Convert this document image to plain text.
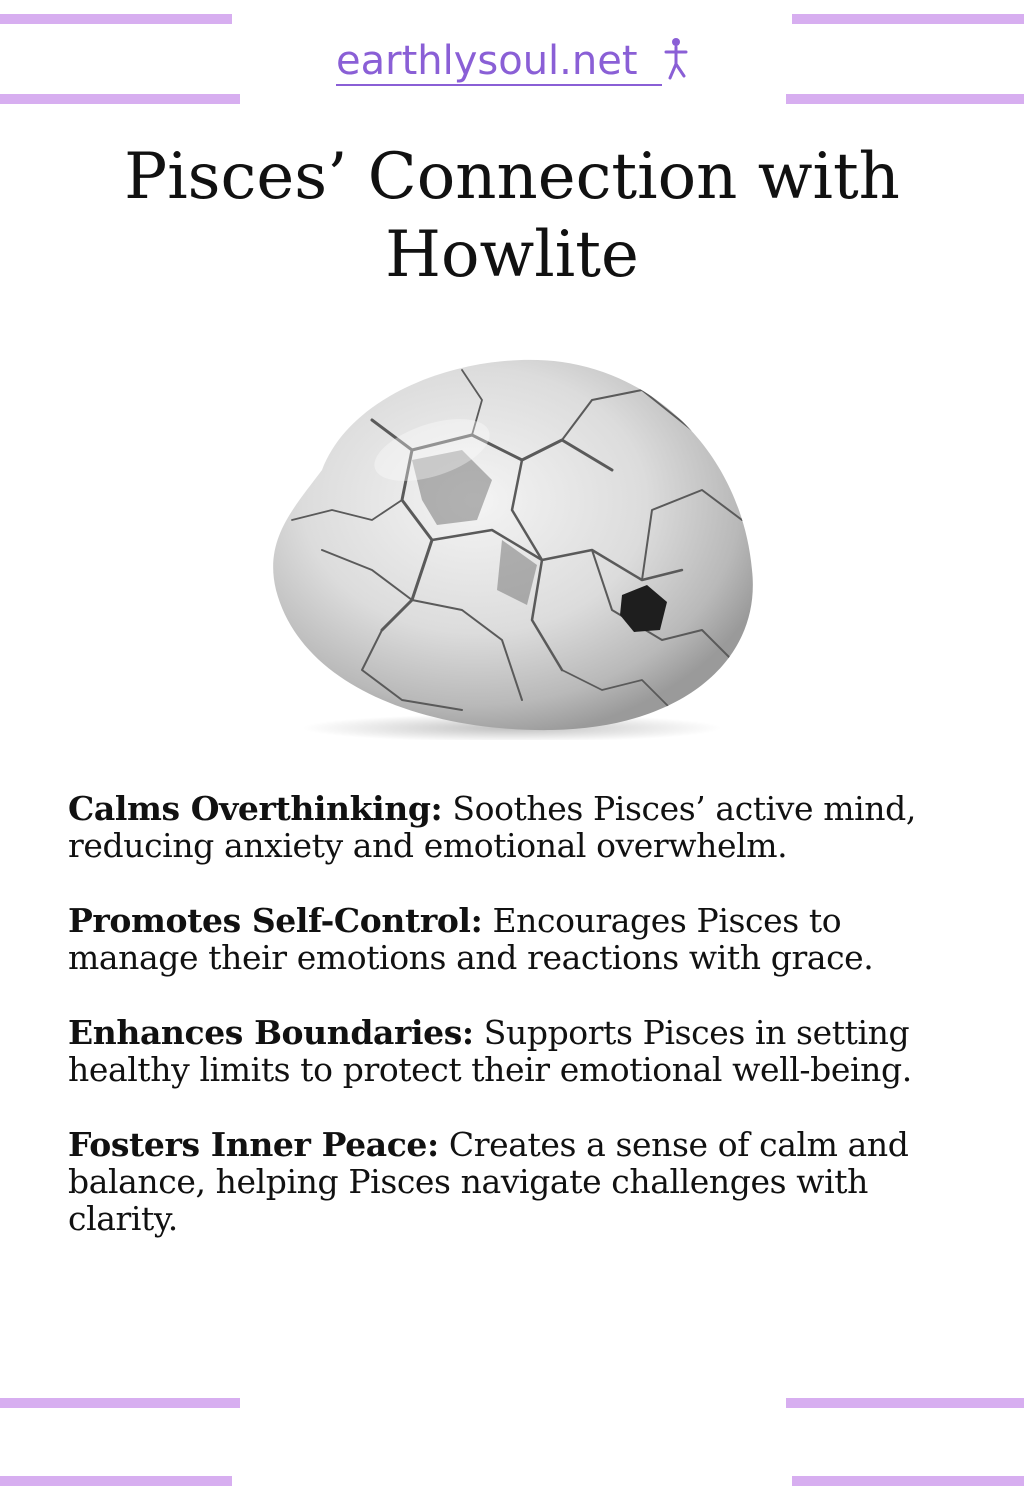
earthlysoul.net
Pisces’ Connection with
Howlite

Calms Overthinking: Soothes Pisces’ active mind, reducing anxiety and emotional overwhelm.

Promotes Self-Control: Encourages Pisces to manage their emotions and reactions with grace.

Enhances Boundaries: Supports Pisces in setting healthy limits to protect their emotional well-being.

Fosters Inner Peace: Creates a sense of calm and balance, helping Pisces navigate challenges with clarity.
